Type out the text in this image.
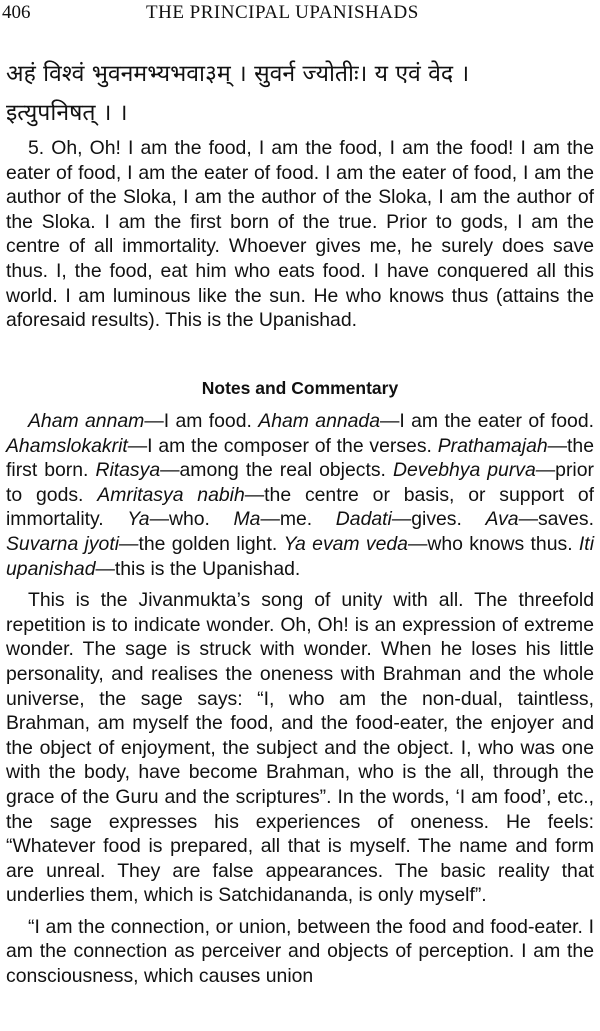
406	THE PRINCIPAL UPANISHADS
अहं विश्वं भुवनमभ्यभवा३म् । सुवर्न ज्योतीः। य एवं वेद ।
इत्युपनिषत् । ।

5. Oh, Oh! I am the food, I am the food, I am the food! I am the eater of food, I am the eater of food. I am the eater of food, I am the author of the Sloka, I am the author of the Sloka, I am the author of the Sloka. I am the first born of the true. Prior to gods, I am the centre of all immortality. Whoever gives me, he surely does save thus. I, the food, eat him who eats food. I have conquered all this world. I am luminous like the sun. He who knows thus (attains the aforesaid results). This is the Upanishad.

Notes and Commentary

Aham annam—I am food. Aham annada—I am the eater of food. Ahamslokakrit—I am the composer of the verses. Prathamajah—the first born. Ritasya—among the real objects. Devebhya purva—prior to gods. Amritasya nabih—the centre or basis, or support of immortality. Ya—who. Ma—me. Dadati—gives. Ava—saves. Suvarna jyoti—the golden light. Ya evam veda—who knows thus. Iti upanishad—this is the Upanishad.

This is the Jivanmukta’s song of unity with all. The threefold repetition is to indicate wonder. Oh, Oh! is an expression of extreme wonder. The sage is struck with wonder. When he loses his little personality, and realises the oneness with Brahman and the whole universe, the sage says: “I, who am the non-dual, taintless, Brahman, am myself the food, and the food-eater, the enjoyer and the object of enjoyment, the subject and the object. I, who was one with the body, have become Brahman, who is the all, through the grace of the Guru and the scriptures”. In the words, ‘I am food’, etc., the sage expresses his experiences of oneness. He feels: “Whatever food is prepared, all that is myself. The name and form are unreal. They are false appearances. The basic reality that underlies them, which is Satchidananda, is only myself”.

“I am the connection, or union, between the food and food-eater. I am the connection as perceiver and objects of perception. I am the consciousness, which causes union
